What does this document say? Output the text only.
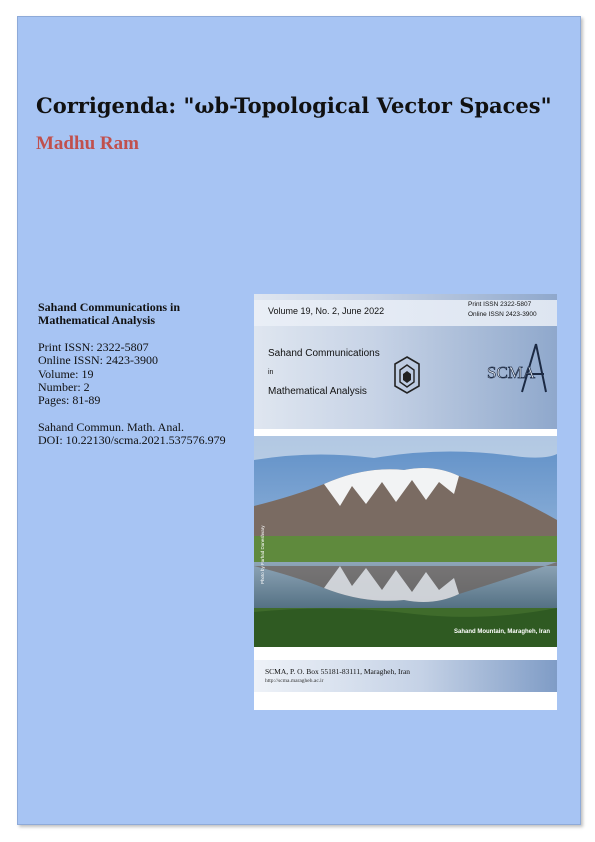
Corrigenda: "ωb-Topological Vector Spaces"
Madhu Ram
Sahand Communications in
Mathematical Analysis
Print ISSN: 2322-5807
Online ISSN: 2423-3900
Volume: 19
Number: 2
Pages: 81-89
Sahand Commun. Math. Anal.
DOI: 10.22130/scma.2021.537576.979
Volume 19, No. 2, June 2022
Print ISSN 2322-5807
Online ISSN 2423-3900
Sahand Communications
in
Mathematical Analysis
SCMA
Sahand Mountain, Maragheh, Iran
Photo by Farhad Daneshvary
SCMA, P. O. Box 55181-83111, Maragheh, Iran
http://scma.maragheh.ac.ir
